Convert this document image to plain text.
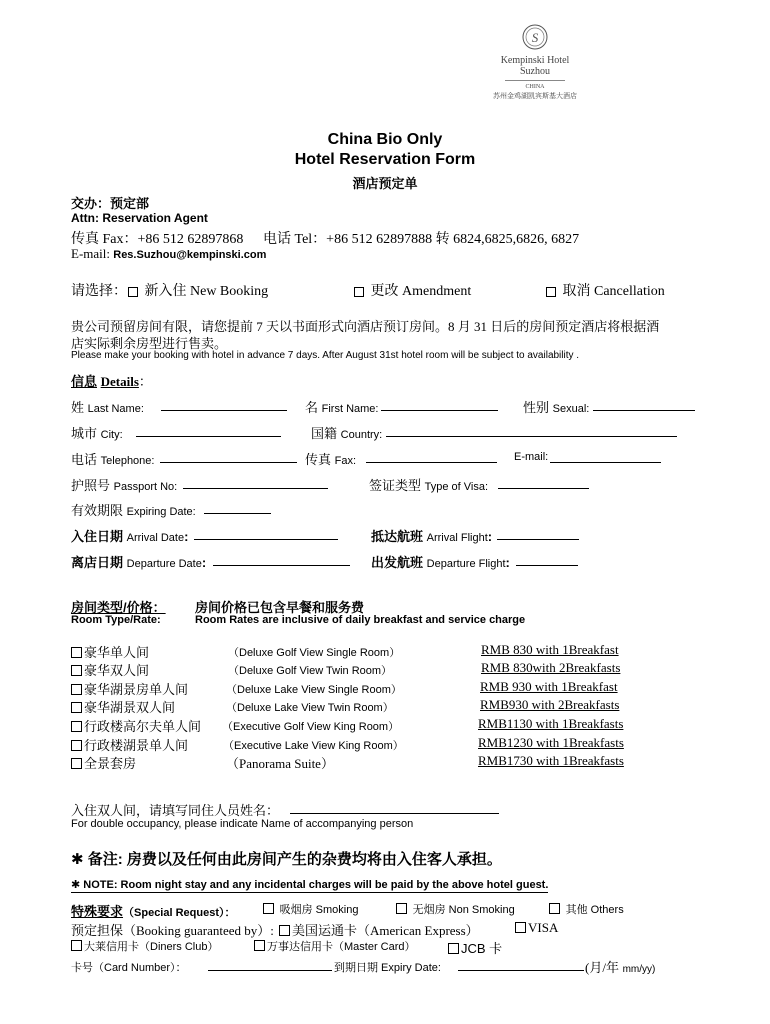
S
Kempinski Hotel
Suzhou
CHINA
苏州金鸡湖凯宾斯基大酒店
China Bio Only
Hotel Reservation Form
酒店预定单
交办：预定部
Attn: Reservation Agent
传真 Fax：+86 512 62897868 电话 Tel：+86 512 62897888 转 6824,6825,6826, 6827
E-mail: Res.Suzhou@kempinski.com
请选择：	新入住 New Booking	更改 Amendment	取消 Cancellation
贵公司预留房间有限，请您提前 7 天以书面形式向酒店预订房间。8 月 31 日后的房间预定酒店将根据酒
店实际剩余房型进行售卖。
Please make your booking with hotel in advance 7 days. After August 31st hotel room will be subject to availability .
信息 Details：
姓 Last Name:	名 First Name:	性别 Sexual:
城市 City:	国籍 Country:
电话 Telephone:	传真 Fax:	E-mail:
护照号 Passport No:	签证类型 Type of Visa:
有效期限 Expiring Date:
入住日期 Arrival Date:	抵达航班 Arrival Flight:
离店日期 Departure Date:	出发航班 Departure Flight:
房间类型/价格：
Room Type/Rate:
房间价格已包含早餐和服务费
Room Rates are inclusive of daily breakfast and service charge
豪华单人间	（Deluxe Golf View Single Room）	RMB 830 with 1Breakfast
豪华双人间	（Deluxe Golf View Twin Room）	RMB 830with 2Breakfasts
豪华湖景房单人间	（Deluxe Lake View Single Room）	RMB 930 with 1Breakfast
豪华湖景双人间	（Deluxe Lake View Twin Room）	RMB930 with 2Breakfasts
行政楼高尔夫单人间 （Executive Golf View King Room）	RMB1130 with 1Breakfasts
行政楼湖景单人间	（Executive Lake View King Room）	RMB1230 with 1Breakfasts
全景套房	（Panorama Suite）	RMB1730 with 1Breakfasts
入住双人间，请填写同住人员姓名：
For double occupancy, please indicate Name of accompanying person
✱ 备注: 房费以及任何由此房间产生的杂费均将由入住客人承担。
✱ NOTE: Room night stay and any incidental charges will be paid by the above hotel guest.
特殊要求（Special Request）：	吸烟房 Smoking	无烟房 Non Smoking	其他 Others
预定担保（Booking guaranteed by）:	美国运通卡（American Express）	VISA
大莱信用卡（Diners Club）	万事达信用卡（Master Card）	JCB 卡
卡号（Card Number）：	到期日期 Expiry Date:	(月/年 mm/yy)
